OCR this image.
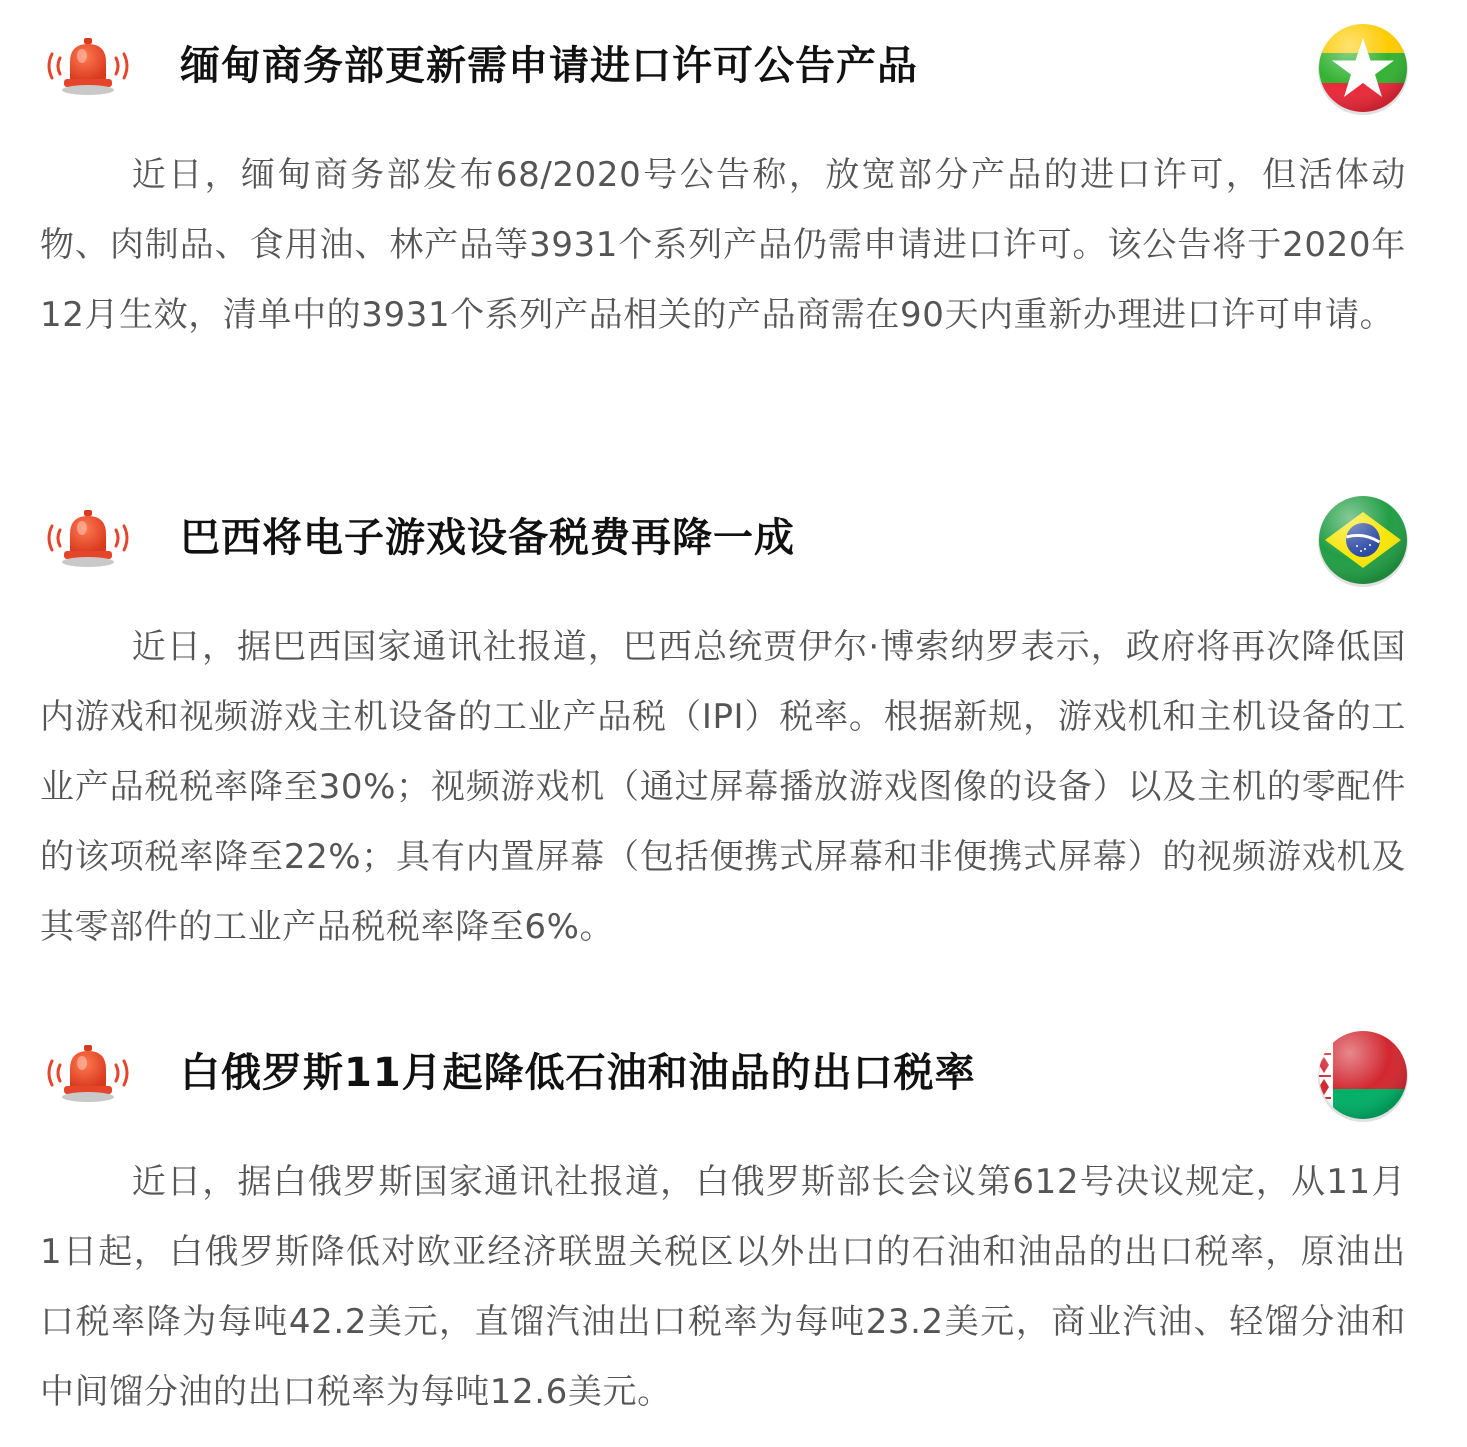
缅甸商务部更新需申请进口许可公告产品

近日，缅甸商务部发布68/2020号公告称，放宽部分产品的进口许可，但活体动物、肉制品、食用油、林产品等3931个系列产品仍需申请进口许可。该公告将于2020年12月生效，清单中的3931个系列产品相关的产品商需在90天内重新办理进口许可申请。

巴西将电子游戏设备税费再降一成

近日，据巴西国家通讯社报道，巴西总统贾伊尔·博索纳罗表示，政府将再次降低国内游戏和视频游戏主机设备的工业产品税（IPI）税率。根据新规，游戏机和主机设备的工业产品税税率降至30%；视频游戏机（通过屏幕播放游戏图像的设备）以及主机的零配件的该项税率降至22%；具有内置屏幕（包括便携式屏幕和非便携式屏幕）的视频游戏机及其零部件的工业产品税税率降至6%。

白俄罗斯11月起降低石油和油品的出口税率

近日，据白俄罗斯国家通讯社报道，白俄罗斯部长会议第612号决议规定，从11月1日起，白俄罗斯降低对欧亚经济联盟关税区以外出口的石油和油品的出口税率，原油出口税率降为每吨42.2美元，直馏汽油出口税率为每吨23.2美元，商业汽油、轻馏分油和中间馏分油的出口税率为每吨12.6美元。
